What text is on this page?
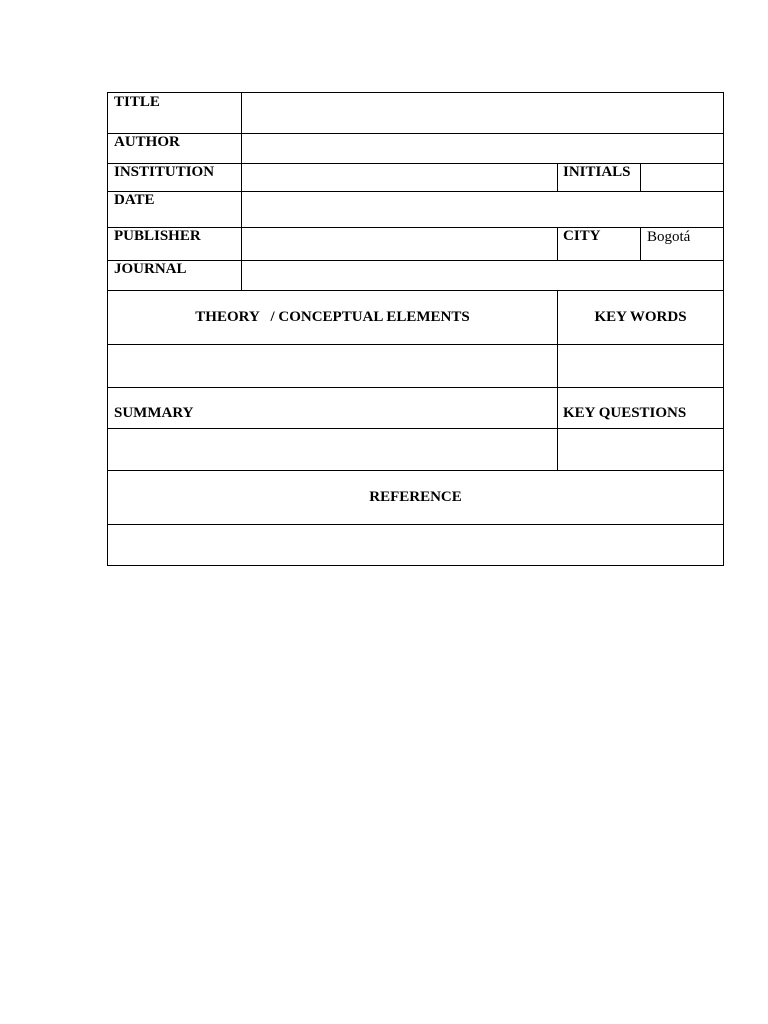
TITLE
AUTHOR
INSTITUTION	INITIALS
DATE
PUBLISHER	CITY	Bogotá
JOURNAL
THEORY   / CONCEPTUAL ELEMENTS	KEY WORDS
SUMMARY	KEY QUESTIONS
REFERENCE
